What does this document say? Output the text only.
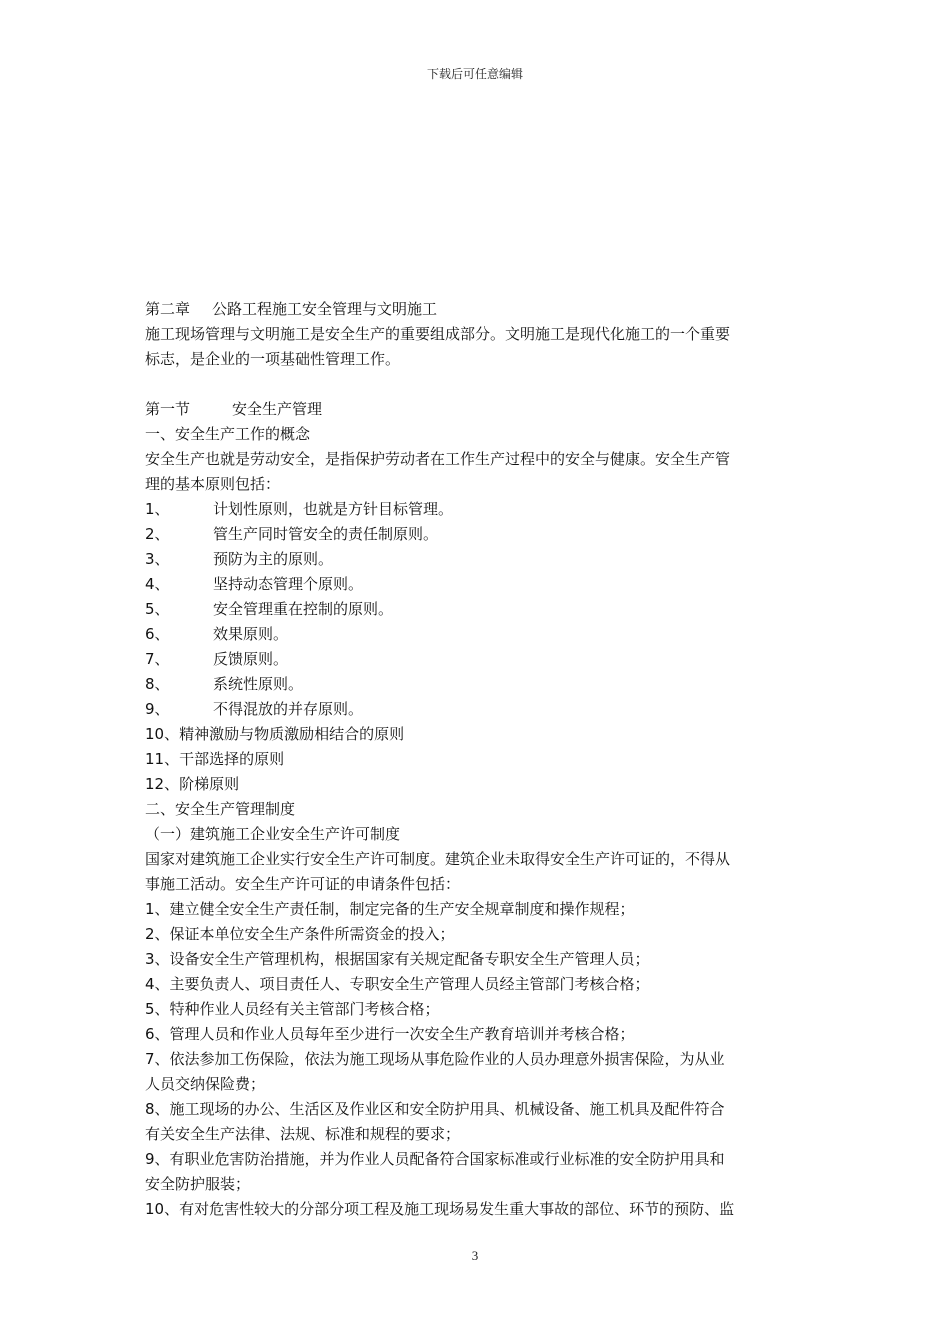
下载后可任意编辑
第二章 公路工程施工安全管理与文明施工
施工现场管理与文明施工是安全生产的重要组成部分。文明施工是现代化施工的一个重要
标志，是企业的一项基础性管理工作。
第一节	安全生产管理
一、安全生产工作的概念
安全生产也就是劳动安全，是指保护劳动者在工作生产过程中的安全与健康。安全生产管
理的基本原则包括：
1、	计划性原则，也就是方针目标管理。
2、	管生产同时管安全的责任制原则。
3、	预防为主的原则。
4、	坚持动态管理个原则。
5、	安全管理重在控制的原则。
6、	效果原则。
7、	反馈原则。
8、	系统性原则。
9、	不得混放的并存原则。
10、精神激励与物质激励相结合的原则
11、干部选择的原则
12、阶梯原则
二、安全生产管理制度
（一）建筑施工企业安全生产许可制度
国家对建筑施工企业实行安全生产许可制度。建筑企业未取得安全生产许可证的，不得从
事施工活动。安全生产许可证的申请条件包括：
1、建立健全安全生产责任制，制定完备的生产安全规章制度和操作规程；
2、保证本单位安全生产条件所需资金的投入；
3、设备安全生产管理机构，根据国家有关规定配备专职安全生产管理人员；
4、主要负责人、项目责任人、专职安全生产管理人员经主管部门考核合格；
5、特种作业人员经有关主管部门考核合格；
6、管理人员和作业人员每年至少进行一次安全生产教育培训并考核合格；
7、依法参加工伤保险，依法为施工现场从事危险作业的人员办理意外损害保险，为从业
人员交纳保险费；
8、施工现场的办公、生活区及作业区和安全防护用具、机械设备、施工机具及配件符合
有关安全生产法律、法规、标准和规程的要求；
9、有职业危害防治措施，并为作业人员配备符合国家标准或行业标准的安全防护用具和
安全防护服装；
10、有对危害性较大的分部分项工程及施工现场易发生重大事故的部位、环节的预防、监
3
